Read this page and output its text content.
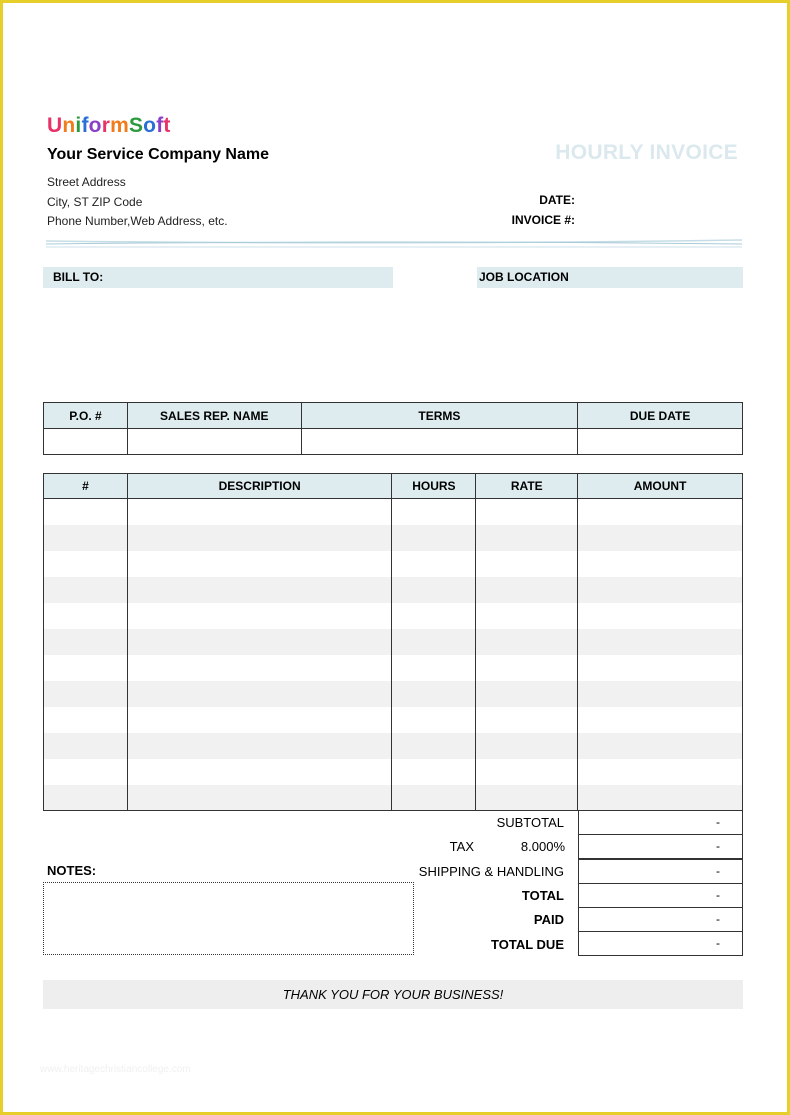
UniformSoft
Your Service Company Name
Street Address
City, ST ZIP Code
Phone Number,Web Address, etc.
HOURLY INVOICE
DATE:
INVOICE #:
BILL TO:	JOB LOCATION
P.O. #	SALES REP. NAME	TERMS	DUE DATE

#	DESCRIPTION	HOURS	RATE	AMOUNT

SUBTOTAL	-
TAX	8.000%	-
SHIPPING & HANDLING	-
TOTAL	-
PAID	-
TOTAL DUE	-
NOTES:
THANK YOU FOR YOUR BUSINESS!
www.heritagechristiancollege.com
